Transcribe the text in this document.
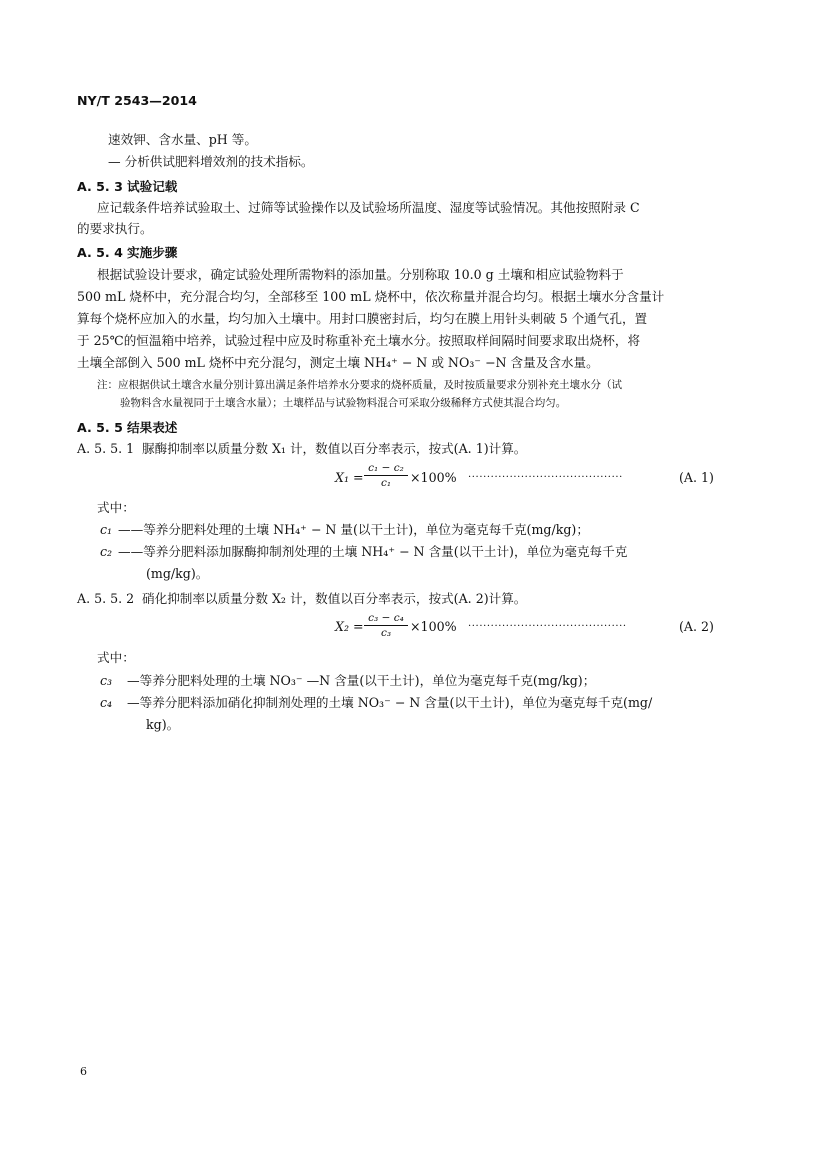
NY/T 2543—2014
速效钾、含水量、pH 等。
— 分析供试肥料增效剂的技术指标。
A. 5. 3 试验记载
应记载条件培养试验取土、过筛等试验操作以及试验场所温度、湿度等试验情况。其他按照附录 C
的要求执行。
A. 5. 4 实施步骤
根据试验设计要求，确定试验处理所需物料的添加量。分别称取 10.0 g 土壤和相应试验物料于
500 mL 烧杯中，充分混合均匀，全部移至 100 mL 烧杯中，依次称量并混合均匀。根据土壤水分含量计
算每个烧杯应加入的水量，均匀加入土壤中。用封口膜密封后，均匀在膜上用针头刺破 5 个通气孔，置
于 25℃的恒温箱中培养，试验过程中应及时称重补充土壤水分。按照取样间隔时间要求取出烧杯，将
土壤全部倒入 500 mL 烧杯中充分混匀，测定土壤 NH₄⁺ − N 或 NO₃⁻ −N 含量及含水量。
注：应根据供试土壤含水量分别计算出满足条件培养水分要求的烧杯质量，及时按质量要求分别补充土壤水分（试
验物料含水量视同于土壤含水量）；土壤样品与试验物料混合可采取分级稀释方式使其混合均匀。
A. 5. 5 结果表述
A. 5. 5. 1 脲酶抑制率以质量分数 X₁ 计，数值以百分率表示，按式(A. 1)计算。
X₁ =
c₁ − c₂
c₁	×100% ·········································	(A. 1)
式中：
c₁ ——等养分肥料处理的土壤 NH₄⁺ − N 量(以干土计)，单位为毫克每千克(mg/kg)；
c₂ ——等养分肥料添加脲酶抑制剂处理的土壤 NH₄⁺ − N 含量(以干土计)，单位为毫克每千克
(mg/kg)。
A. 5. 5. 2 硝化抑制率以质量分数 X₂ 计，数值以百分率表示，按式(A. 2)计算。
X₂ =
c₃ − c₄
c₃	×100% ··········································	(A. 2)
式中：
c₃ —等养分肥料处理的土壤 NO₃⁻ —N 含量(以干土计)，单位为毫克每千克(mg/kg)；
c₄ —等养分肥料添加硝化抑制剂处理的土壤 NO₃⁻ − N 含量(以干土计)，单位为毫克每千克(mg/
kg)。
6
